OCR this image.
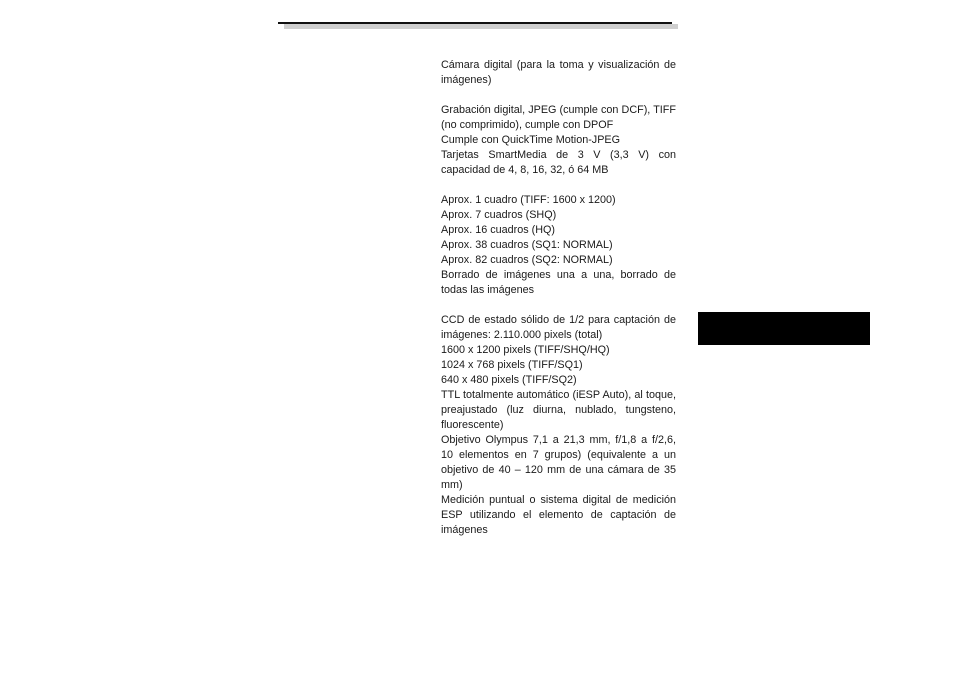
Cámara digital (para la toma y visualización de imágenes)

Grabación digital, JPEG (cumple con DCF), TIFF (no comprimido), cumple con DPOF

Cumple con QuickTime Motion-JPEG

Tarjetas SmartMedia de 3 V (3,3 V) con capacidad de 4, 8, 16, 32, ó 64 MB

Aprox. 1 cuadro (TIFF: 1600 x 1200)

Aprox. 7 cuadros (SHQ)

Aprox. 16 cuadros (HQ)

Aprox. 38 cuadros (SQ1: NORMAL)

Aprox. 82 cuadros (SQ2: NORMAL)

Borrado de imágenes una a una, borrado de todas las imágenes

CCD de estado sólido de 1/2 para captación de imágenes: 2.110.000 pixels (total)

1600 x 1200 pixels (TIFF/SHQ/HQ)

1024 x 768 pixels (TIFF/SQ1)

640 x 480 pixels (TIFF/SQ2)

TTL totalmente automático (iESP Auto), al toque, preajustado (luz diurna, nublado, tungsteno, fluorescente)

Objetivo Olympus 7,1 a 21,3 mm, f/1,8 a f/2,6, 10 elementos en 7 grupos) (equivalente a un objetivo de 40 – 120 mm de una cámara de 35 mm)

Medición puntual o sistema digital de medición ESP utilizando el elemento de captación de imágenes
